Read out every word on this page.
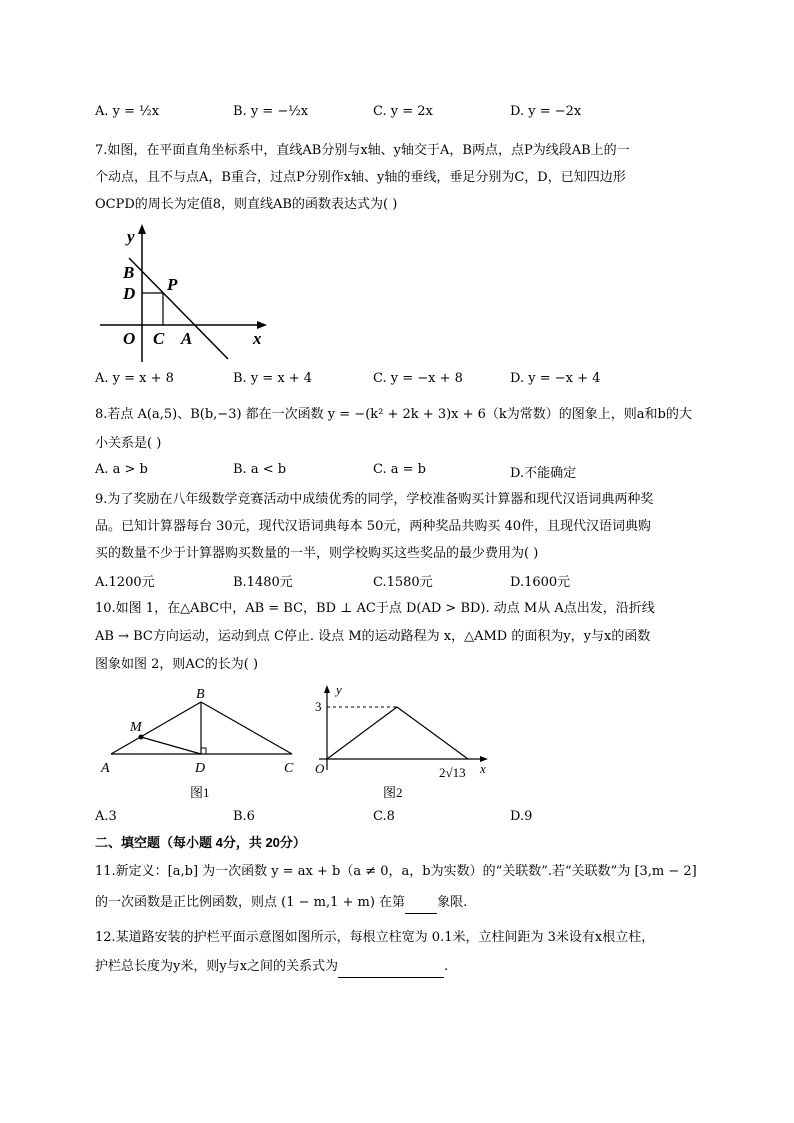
A. y = ½x	B. y = −½x	C. y = 2x	D. y = −2x
7.如图，在平面直角坐标系中，直线AB分别与x轴、y轴交于A，B两点，点P为线段AB上的一
个动点，且不与点A，B重合，过点P分别作x轴、y轴的垂线，垂足分别为C，D，已知四边形
OCPD的周长为定值8，则直线AB的函数表达式为( )
y
B
D P
O C A	x
A. y = x + 8	B. y = x + 4	C. y = −x + 8	D. y = −x + 4
8.若点 A(a,5)、B(b,−3) 都在一次函数 y = −(k² + 2k + 3)x + 6（k为常数）的图象上，则a和b的大
小关系是( )
A. a > b	B. a < b	C. a = b	D.不能确定
9.为了奖励在八年级数学竞赛活动中成绩优秀的同学，学校准备购买计算器和现代汉语词典两种奖
品。已知计算器每台 30元，现代汉语词典每本 50元，两种奖品共购买 40件，且现代汉语词典购
买的数量不少于计算器购买数量的一半，则学校购买这些奖品的最少费用为( )
A.1200元	B.1480元	C.1580元	D.1600元
10.如图 1，在△ABC中，AB = BC，BD ⊥ AC于点 D(AD > BD). 动点 M从 A点出发，沿折线
AB → BC方向运动，运动到点 C停止. 设点 M的运动路程为 x，△AMD 的面积为y，y与x的函数
图象如图 2，则AC的长为( )
B
M
A	D	C
图1
y
3
O	2√13 x
图2
A.3	B.6	C.8	D.9
二、填空题（每小题 4分，共 20分）
11.新定义：[a,b] 为一次函数 y = ax + b（a ≠ 0，a，b为实数）的“关联数”.若“关联数”为 [3,m − 2]
的一次函数是正比例函数，则点 (1 − m,1 + m) 在第 象限.
12.某道路安装的护栏平面示意图如图所示，每根立柱宽为 0.1米，立柱间距为 3米设有x根立柱，
护栏总长度为y米，则y与x之间的关系式为	.
